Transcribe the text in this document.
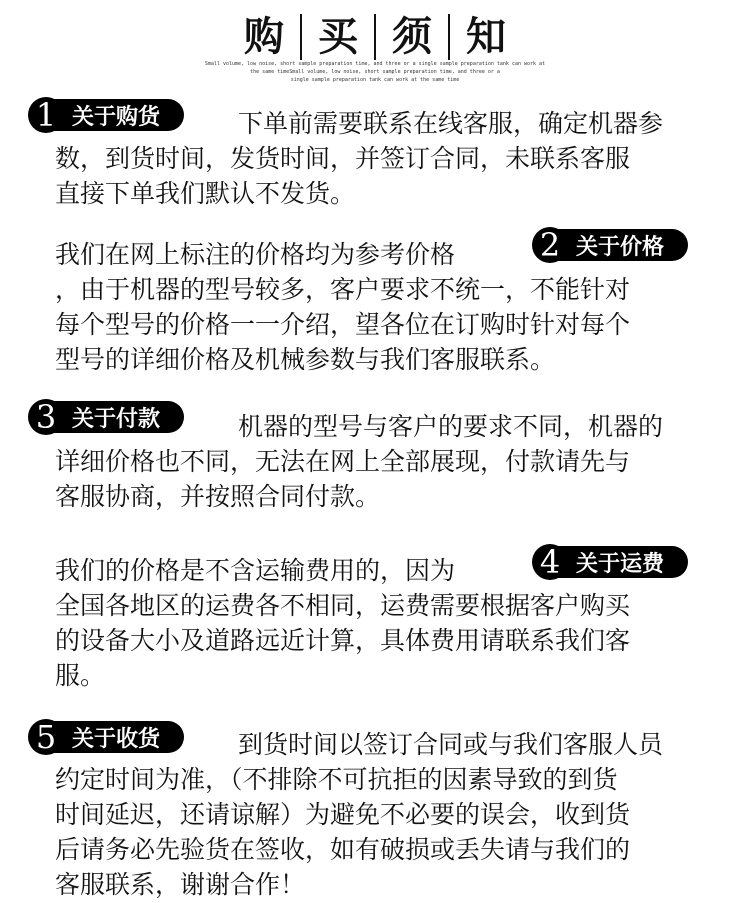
购 买 须 知
Small volume, low noise, short sample preparation time, and three or a single sample preparation tank can work at
the same timeSmall volume, low noise, short sample preparation time, and three or a
single sample preparation tank can work at the same time
1 关于购货	下单前需要联系在线客服，确定机器参
数，到货时间，发货时间，并签订合同，未联系客服
直接下单我们默认不发货。
2 关于价格
我们在网上标注的价格均为参考价格
，由于机器的型号较多，客户要求不统一，不能针对
每个型号的价格一一介绍，望各位在订购时针对每个
型号的详细价格及机械参数与我们客服联系。
3 关于付款	机器的型号与客户的要求不同，机器的
详细价格也不同，无法在网上全部展现，付款请先与
客服协商，并按照合同付款。
4 关于运费
我们的价格是不含运输费用的，因为
全国各地区的运费各不相同，运费需要根据客户购买
的设备大小及道路远近计算，具体费用请联系我们客
服。
5 关于收货	到货时间以签订合同或与我们客服人员
约定时间为准，（不排除不可抗拒的因素导致的到货
时间延迟，还请谅解）为避免不必要的误会，收到货
后请务必先验货在签收，如有破损或丢失请与我们的
客服联系，谢谢合作！
